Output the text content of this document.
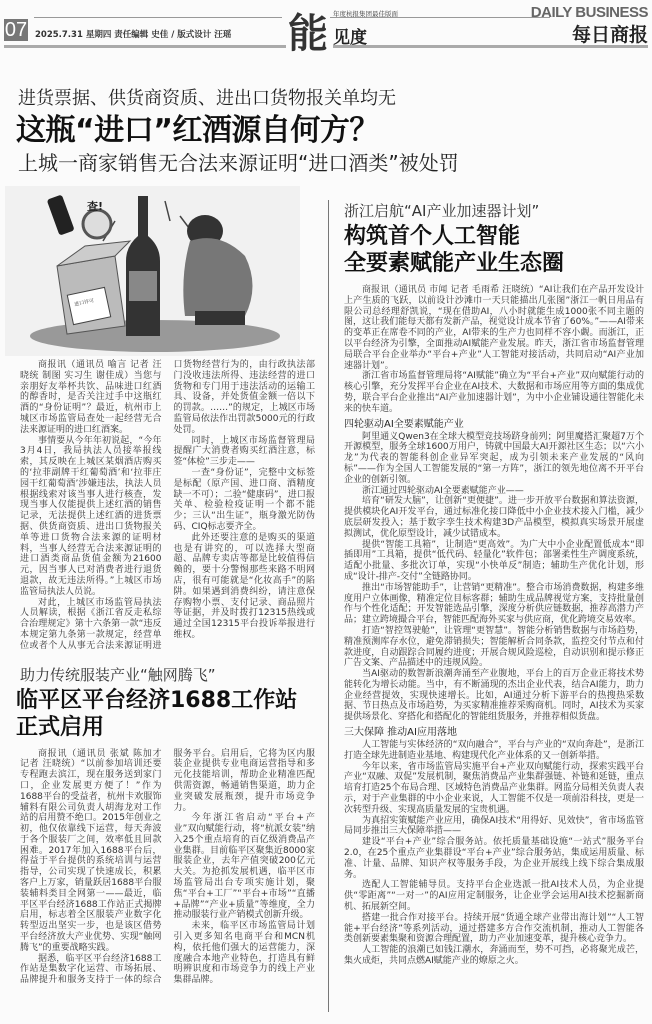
07 2025.7.31 星期四 责任编辑 史佳 / 版式设计 汪瑶 能 年度杭报集团最佳版面
见度
DAILY BUSINESS
每日商报
进货票据、供货商资质、进出口货物报关单均无
这瓶“进口”红酒源自何方？
上城一商家销售无合法来源证明“进口酒类”被处罚
查!
进口许可

商报讯（通讯员 喻言 记者 汪晓统 制图 实习生 谢佳成）当您与亲朋好友举杯共饮、品味进口红酒的醇香时，是否关注过手中这瓶红酒的“身份证明”？最近，杭州市上城区市场监管局查处一起经营无合法来源证明的进口红酒案。

事情要从今年年初说起，“今年3月4日，我局执法人员接举报线索，其反映在上城区某烟酒店购买的‘拉菲副牌干红葡萄酒’和‘拉菲庄园干红葡萄酒’涉嫌违法，执法人员根据线索对该当事人进行核查，发现当事人仅能提供上述红酒的销售记录，无法提供上述红酒的进货票据、供货商资质、进出口货物报关单等进口货物合法来源的证明材料，当事人经营无合法来源证明的进口酒类商品货值金额为21600元，因当事人已对消费者进行退货退款，故无违法所得。”上城区市场监管局执法人员说。

对此，上城区市场监管局执法人员解读，根据《浙江省反走私综合治理规定》第十六条第一款“违反本规定第九条第一款规定，经营单位或者个人从事无合法来源证明进口货物经营行为的，由行政执法部门没收违法所得、违法经营的进口货物和专门用于违法活动的运输工具、设备，并处货值金额一倍以下的罚款。……”的规定，上城区市场监管局依法作出罚款5000元的行政处罚。

同时，上城区市场监督管理局提醒广大消费者购买红酒注意，标签“体检”三步走——

一查“身份证”，完整中文标签是标配（原产国、进口商、酒精度缺一不可）；二验“健康码”，进口报关单、检验检疫证明一个都不能少；三认“出生证”，瓶身激光防伪码、CIQ标志要齐全。

此外还要注意的是购买的渠道也是有讲究的，可以选择大型商超、品牌专卖店等都是比较值得信赖的，要十分警惕那些来路不明网店，很有可能就是“化妆高手”的陷阱。如果遇到消费纠纷，请注意保存购物小票、支付记录、商品照片等证据，并及时拨打12315热线或通过全国12315平台投诉举报进行维权。

助力传统服装产业“触网腾飞”
临平区平台经济1688工作站
正式启用

商报讯（通讯员 张斌 陈加才 记者 汪晓统）“以前参加培训还要专程跑去滨江，现在服务送到家门口，企业发展更方便了！”作为1688平台的受益者，杭州卡欢服饰辅料有限公司负责人胡海龙对工作站的启用赞不绝口。2015年创业之初，他仅依靠线下运营，每天奔波于各个服装厂之间，效率低且回款困难。2017年加入1688平台后，得益于平台提供的系统培训与运营指导，公司实现了快速成长，积累客户上万家，销量跃居1688平台服装辅料类目全网第一——最近，临平区平台经济1688工作站正式揭牌启用，标志着全区服装产业数字化转型迈出坚实一步，也是该区借势平台经济放大产业优势、实现“触网腾飞”的重要战略实践。

据悉，临平区平台经济1688工作站是集数字化运营、市场拓展、品牌提升和服务支持于一体的综合服务平台。启用后，它将为区内服装企业提供专业电商运营指导和多元化技能培训，帮助企业精准匹配供需资源，畅通销售渠道，助力企业突破发展瓶颈，提升市场竞争力。

今年浙江省启动“平台+产业”双向赋能行动，将“杭派女装”纳入25个重点培育的百亿级消费品产业集群。目前临平区聚集近8000家服装企业，去年产值突破200亿元大关。为抢抓发展机遇，临平区市场监管局出台专项实施计划，聚焦“平台+工厂”“平台+市场”“直播+品牌”“产业+质量”等维度，全力推动服装行业产销模式创新升级。

未来，临平区市场监管局计划引入更多知名电商平台和MCN机构，依托他们强大的运营能力，深度融合本地产业特色，打造具有鲜明辨识度和市场竞争力的线上产业集群品牌。

浙江启航“AI产业加速器计划”
构筑首个人工智能
全要素赋能产业生态圈

商报讯（通讯员 市闻 记者 毛雨希 汪晓统）“AI让我们在产品开发设计上产生质的飞跃，以前设计沙滩巾一天只能描出几张图”浙江一帆日用品有限公司总经理舒凯说，“现在借助AI，八小时就能生成1000张不同主题的图，这让我们能每天都有发新产品，视觉设计成本节省了60%。”——AI带来的变革正在席卷不同的产业，AI带来的生产力也同样不容小觑。而浙江，正以平台经济为引擎，全面推动AI赋能产业发展。昨天，浙江省市场监督管理局联合平台企业举办“平台+产业”人工智能对接活动，共同启动“AI产业加速器计划”。

浙江省市场监督管理局将“AI赋能”确立为“平台+产业”双向赋能行动的核心引擎，充分发挥平台企业在AI技术、大数据和市场应用等方面的集成优势，联合平台企业推出“AI产业加速器计划”，为中小企业铺设通往智能化未来的快车道。

四轮驱动AI全要素赋能产业

阿里通义Qwen3在全球大模型竞技场跻身前列；阿里魔搭汇聚超7万个开源模型，服务全球1600万用户，铸就中国最大AI开源社区生态；以“六小龙”为代表的智能科创企业异军突起，成为引领未来产业发展的“风向标”——作为全国人工智能发展的“第一方阵”，浙江的领先地位离不开平台企业的创新引领。

浙江通过四轮驱动AI全要素赋能产业——

培育“研发大脑”，让创新“更便捷”。进一步开放平台数据和算法资源，提供模块化AI开发平台，通过标准化接口降低中小企业技术接入门槛，减少底层研发投入；基于数字孪生技术构建3D产品模型，模拟真实场景开展虚拟测试，优化原型设计，减少试错成本。

提供“智能工具箱”，让制造“更高效”。为广大中小企业配置低成本“即插即用”工具箱，提供“低代码、轻量化”软件包；部署柔性生产调度系统，适配小批量、多批次订单，实现“小快单反”制造；辅助生产优化计划，形成“设计-排产-交付”全链路协同。

推出“市场智能助手”，让营销“更精准”。整合市场消费数据，构建多维度用户立体画像，精准定位目标客群；辅助生成品牌视觉方案，支持批量创作与个性化适配；开发智能选品引擎，深度分析供应链数据，推荐高潜力产品；建立跨境撮合平台，智能匹配海外买家与供应商，优化跨境交易效率。

打造“智控驾驶舱”，让管理“更智慧”。智能分析销售数据与市场趋势，精准预测库存水位，避免滞销损失；智能解析合同条款，监控交付节点和付款进度，自动跟踪合同履约进度；开展合规风险巡检，自动识别和提示修正广告文案、产品描述中的违规风险。

当AI驱动的数智新浪潮奔涌至产业腹地，平台上的百万企业正将技术势能转化为增长动能。当中，有不断涌现的杰出企业代表，结合AI能力，助力企业经营提效，实现快速增长。比如，AI通过分析下游平台的热搜热采数据、节日热点及市场趋势，为买家精准推荐采购商机。同时，AI技术为买家提供场景化、穿搭化和搭配化的智能组货服务，并推荐相似货盘。

三大保障 推动AI应用落地

人工智能与实体经济的“双向融合”，平台与产业的“双向奔赴”，是浙江打造全球先进制造业基地、构建现代化产业体系的又一创新举措。

今年以来，省市场监管局实施平台+产业双向赋能行动，探索实践平台产业“双融、双促”发展机制，聚焦消费品产业集群强链、补链和延链，重点培育打造25个布局合理、区域特色消费品产业集群。网监分局相关负责人表示，对于产业集群的中小企业来说，人工智能不仅是一项前沿科技，更是一次转型升级、实现高质量发展的宝贵机遇。

为真招实策赋能产业应用，确保AI技术“用得好、见效快”，省市场监管局同步推出三大保障举措——

建设“平台+产业”综合服务站。依托质量基础设施“一站式”服务平台2.0，在25个重点产业集群设“平台+产业”综合服务站，集成运用质量、标准、计量、品牌、知识产权等服务手段，为企业开展线上线下综合集成服务。

选配人工智能辅导员。支持平台企业选派一批AI技术人员，为企业提供“零距离”“一对一”的AI应用定制服务，让企业学会运用AI技术挖掘新商机、拓展新空间。

搭建一批合作对接平台。持续开展“货通全球产业带出海计划”“人工智能+平台经济”等系列活动，通过搭建多方合作交流机制，推动人工智能各类创新要素集聚和资源合理配置，助力产业加速变革，提升核心竞争力。

人工智能的浪潮已如钱江潮水，奔涌而至，势不可挡，必将聚光成芒，集火成炬，共同点燃AI赋能产业的燎原之火。
